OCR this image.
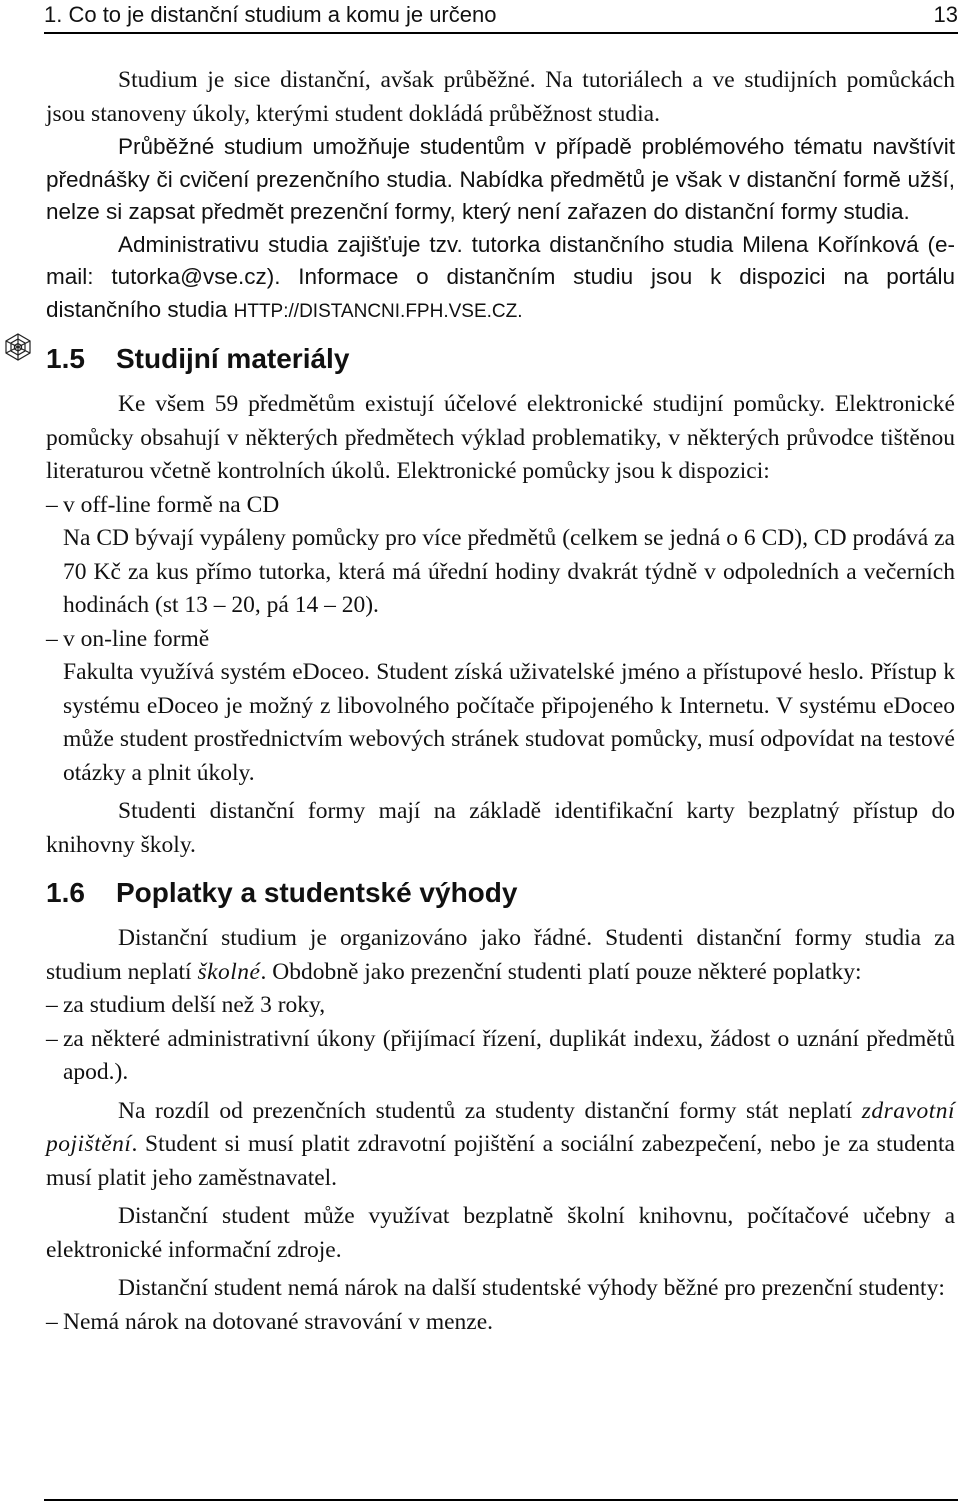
1. Co to je distanční studium a komu je určeno	13

Studium je sice distanční, avšak průběžné. Na tutoriálech a ve studijních pomůckách jsou stanoveny úkoly, kterými student dokládá průběžnost studia.

Průběžné studium umožňuje studentům v případě problémového tématu navštívit přednášky či cvičení prezenčního studia. Nabídka předmětů je však v distanční formě užší, nelze si zapsat předmět prezenční formy, který není zařazen do distanční formy studia.

Administrativu studia zajišťuje tzv. tutorka distančního studia Milena Kořínková (e-mail: tutorka@vse.cz). Informace o distančním studiu jsou k dispozici na portálu distančního studia HTTP://DISTANCNI.FPH.VSE.CZ.

1.5 Studijní materiály

Ke všem 59 předmětům existují účelové elektronické studijní pomůcky. Elektronické pomůcky obsahují v některých předmětech výklad problematiky, v některých průvodce tištěnou literaturou včetně kontrolních úkolů. Elektronické pomůcky jsou k dispozici:

– v off-line formě na CD
Na CD bývají vypáleny pomůcky pro více předmětů (celkem se jedná o 6 CD), CD prodává za 70 Kč za kus přímo tutorka, která má úřední hodiny dvakrát týdně v odpoledních a večerních hodinách (st 13 – 20, pá 14 – 20).
– v on-line formě
Fakulta využívá systém eDoceo. Student získá uživatelské jméno a přístupové heslo. Přístup k systému eDoceo je možný z libovolného počítače připojeného k Internetu. V systému eDoceo může student prostřednictvím webových stránek studovat pomůcky, musí odpovídat na testové otázky a plnit úkoly.

Studenti distanční formy mají na základě identifikační karty bezplatný přístup do knihovny školy.

1.6 Poplatky a studentské výhody

Distanční studium je organizováno jako řádné. Studenti distanční formy studia za studium neplatí školné. Obdobně jako prezenční studenti platí pouze některé poplatky:

– za studium delší než 3 roky,
– za některé administrativní úkony (přijímací řízení, duplikát indexu, žádost o uznání předmětů apod.).

Na rozdíl od prezenčních studentů za studenty distanční formy stát neplatí zdravotní pojištění. Student si musí platit zdravotní pojištění a sociální zabezpečení, nebo je za studenta musí platit jeho zaměstnavatel.

Distanční student může využívat bezplatně školní knihovnu, počítačové učebny a elektronické informační zdroje.

Distanční student nemá nárok na další studentské výhody běžné pro prezenční studenty:

– Nemá nárok na dotované stravování v menze.
